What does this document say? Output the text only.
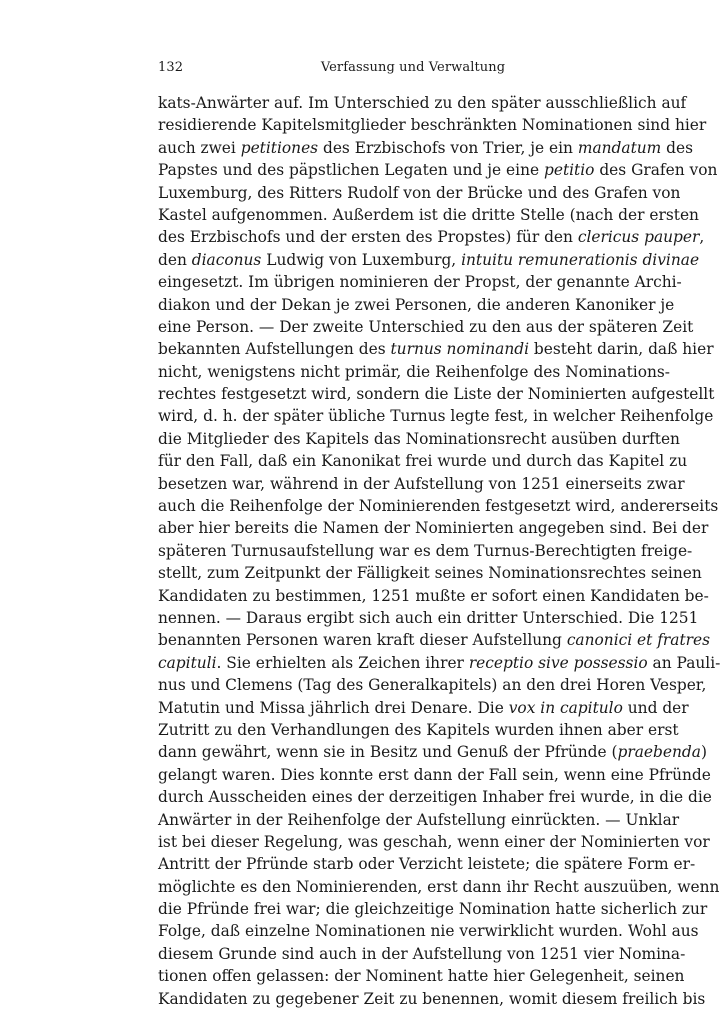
132	Verfassung und Verwaltung
kats-Anwärter auf. Im Unterschied zu den später ausschließlich auf
residierende Kapitelsmitglieder beschränkten Nominationen sind hier
auch zwei petitiones des Erzbischofs von Trier, je ein mandatum des
Papstes und des päpstlichen Legaten und je eine petitio des Grafen von
Luxemburg, des Ritters Rudolf von der Brücke und des Grafen von
Kastel aufgenommen. Außerdem ist die dritte Stelle (nach der ersten
des Erzbischofs und der ersten des Propstes) für den clericus pauper,
den diaconus Ludwig von Luxemburg, intuitu remunerationis divinae
eingesetzt. Im übrigen nominieren der Propst, der genannte Archi-
diakon und der Dekan je zwei Personen, die anderen Kanoniker je
eine Person. — Der zweite Unterschied zu den aus der späteren Zeit
bekannten Aufstellungen des turnus nominandi besteht darin, daß hier
nicht, wenigstens nicht primär, die Reihenfolge des Nominations-
rechtes festgesetzt wird, sondern die Liste der Nominierten aufgestellt
wird, d. h. der später übliche Turnus legte fest, in welcher Reihenfolge
die Mitglieder des Kapitels das Nominationsrecht ausüben durften
für den Fall, daß ein Kanonikat frei wurde und durch das Kapitel zu
besetzen war, während in der Aufstellung von 1251 einerseits zwar
auch die Reihenfolge der Nominierenden festgesetzt wird, andererseits
aber hier bereits die Namen der Nominierten angegeben sind. Bei der
späteren Turnusaufstellung war es dem Turnus-Berechtigten freige-
stellt, zum Zeitpunkt der Fälligkeit seines Nominationsrechtes seinen
Kandidaten zu bestimmen, 1251 mußte er sofort einen Kandidaten be-
nennen. — Daraus ergibt sich auch ein dritter Unterschied. Die 1251
benannten Personen waren kraft dieser Aufstellung canonici et fratres
capituli. Sie erhielten als Zeichen ihrer receptio sive possessio an Pauli-
nus und Clemens (Tag des Generalkapitels) an den drei Horen Vesper,
Matutin und Missa jährlich drei Denare. Die vox in capitulo und der
Zutritt zu den Verhandlungen des Kapitels wurden ihnen aber erst
dann gewährt, wenn sie in Besitz und Genuß der Pfründe (praebenda)
gelangt waren. Dies konnte erst dann der Fall sein, wenn eine Pfründe
durch Ausscheiden eines der derzeitigen Inhaber frei wurde, in die die
Anwärter in der Reihenfolge der Aufstellung einrückten. — Unklar
ist bei dieser Regelung, was geschah, wenn einer der Nominierten vor
Antritt der Pfründe starb oder Verzicht leistete; die spätere Form er-
möglichte es den Nominierenden, erst dann ihr Recht auszuüben, wenn
die Pfründe frei war; die gleichzeitige Nomination hatte sicherlich zur
Folge, daß einzelne Nominationen nie verwirklicht wurden. Wohl aus
diesem Grunde sind auch in der Aufstellung von 1251 vier Nomina-
tionen offen gelassen: der Nominent hatte hier Gelegenheit, seinen
Kandidaten zu gegebener Zeit zu benennen, womit diesem freilich bis
